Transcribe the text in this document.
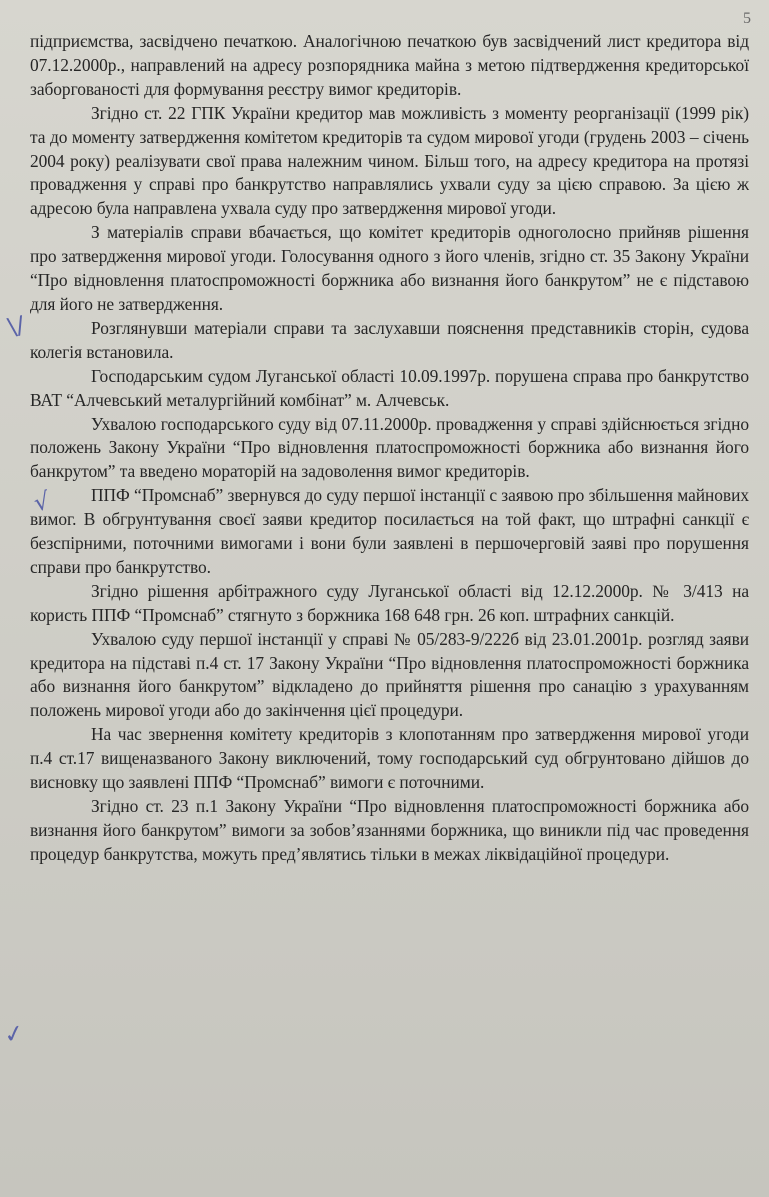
5
\/
√
✓

підприємства, засвідчено печаткою. Аналогічною печаткою був засвідчений лист кредитора від 07.12.2000р., направлений на адресу розпорядника майна з метою підтвердження кредиторської заборгованості для формування реєстру вимог кредиторів.

Згідно ст. 22 ГПК України кредитор мав можливість з моменту реорганізації (1999 рік) та до моменту затвердження комітетом кредиторів та судом мирової угоди (грудень 2003 – січень 2004 року) реалізувати свої права належним чином. Більш того, на адресу кредитора на протязі провадження у справі про банкрутство направлялись ухвали суду за цією справою. За цією ж адресою була направлена ухвала суду про затвердження мирової угоди.

З матеріалів справи вбачається, що комітет кредиторів одноголосно прийняв рішення про затвердження мирової угоди. Голосування одного з його членів, згідно ст. 35 Закону України “Про відновлення платоспроможності боржника або визнання його банкрутом” не є підставою для його не затвердження.

Розглянувши матеріали справи та заслухавши пояснення представників сторін, судова колегія встановила.

Господарським судом Луганської області 10.09.1997р. порушена справа про банкрутство ВАТ “Алчевський металургійний комбінат” м. Алчевськ.

Ухвалою господарського суду від 07.11.2000р. провадження у справі здійснюється згідно положень Закону України “Про відновлення платоспроможності боржника або визнання його банкрутом” та введено мораторій на задоволення вимог кредиторів.

ППФ “Промснаб” звернувся до суду першої інстанції с заявою про збільшення майнових вимог. В обгрунтування своєї заяви кредитор посилається на той факт, що штрафні санкції є безспірними, поточними вимогами і вони були заявлені в першочерговій заяві про порушення справи про банкрутство.

Згідно рішення арбітражного суду Луганської області від 12.12.2000р. № 3/413 на користь ППФ “Промснаб” стягнуто з боржника 168 648 грн. 26 коп. штрафних санкцій.

Ухвалою суду першої інстанції у справі № 05/283-9/222б від 23.01.2001р. розгляд заяви кредитора на підставі п.4 ст. 17 Закону України “Про відновлення платоспроможності боржника або визнання його банкрутом” відкладено до прийняття рішення про санацію з урахуванням положень мирової угоди або до закінчення цієї процедури.

На час звернення комітету кредиторів з клопотанням про затвердження мирової угоди п.4 ст.17 вищеназваного Закону виключений, тому господарський суд обгрунтовано дійшов до висновку що заявлені ППФ “Промснаб” вимоги є поточними.

Згідно ст. 23 п.1 Закону України “Про відновлення платоспроможності боржника або визнання його банкрутом” вимоги за зобов’язаннями боржника, що виникли під час проведення процедур банкрутства, можуть пред’являтись тільки в межах ліквідаційної процедури.
